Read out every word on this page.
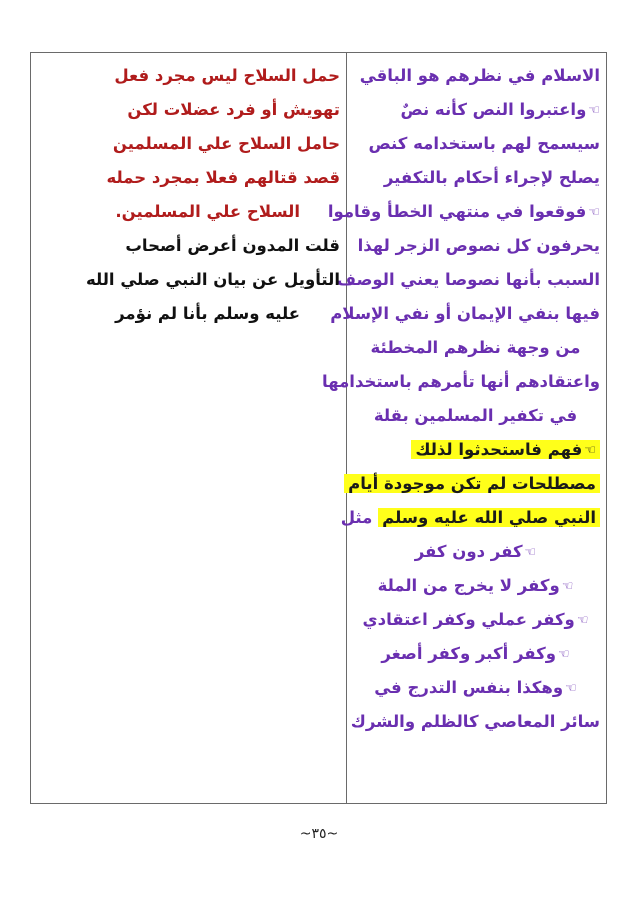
الاسلام في نظرهم هو الباقي
☜واعتبروا النص كأنه نصٌ
سيسمح لهم باستخدامه كنص
يصلح لإجراء أحكام بالتكفير
☜فوقعوا في منتهي الخطأ وقاموا
يحرفون كل نصوص الزجر لهذا
السبب بأنها نصوصا يعني الوصف
فيها بنفي الإيمان أو نفي الإسلام
من وجهة نظرهم المخطئة
واعتقادهم أنها تأمرهم باستخدامها
في تكفير المسلمين بقلة
☜فهم فاستحدثوا لذلك
مصطلحات لم تكن موجودة أيام
النبي صلي الله عليه وسلم مثل
☜كفر دون كفر
☜وكفر لا يخرج من الملة
☜وكفر عملي وكفر اعتقادي
☜وكفر أكبر وكفر أصغر
☜وهكذا بنفس التدرج في
سائر المعاصي كالظلم والشرك
حمل السلاح ليس مجرد فعل
تهويش أو فرد عضلات لكن
حامل السلاح علي المسلمين
قصد قتالهم فعلا بمجرد حمله
السلاح علي المسلمين.
قلت المدون أعرض أصحاب
التأويل عن بيان النبي صلي الله
عليه وسلم بأنا لم نؤمر
~٣٥~
